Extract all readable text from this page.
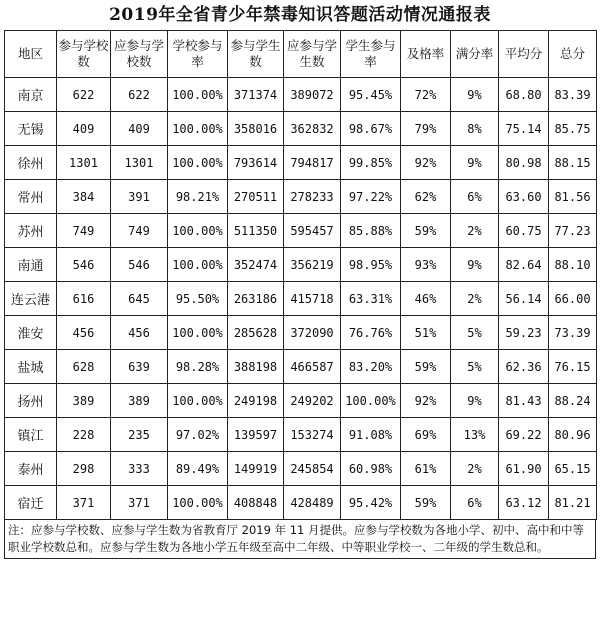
2019年全省青少年禁毒知识答题活动情况通报表
地区	参与学校数	应参与学校数	学校参与率	参与学生数	应参与学生数	学生参与率	及格率	满分率	平均分	总分
南京	622	622	100.00%	371374	389072	95.45%	72%	9%	68.80	83.39
无锡	409	409	100.00%	358016	362832	98.67%	79%	8%	75.14	85.75
徐州	1301	1301	100.00%	793614	794817	99.85%	92%	9%	80.98	88.15
常州	384	391	98.21%	270511	278233	97.22%	62%	6%	63.60	81.56
苏州	749	749	100.00%	511350	595457	85.88%	59%	2%	60.75	77.23
南通	546	546	100.00%	352474	356219	98.95%	93%	9%	82.64	88.10
连云港	616	645	95.50%	263186	415718	63.31%	46%	2%	56.14	66.00
淮安	456	456	100.00%	285628	372090	76.76%	51%	5%	59.23	73.39
盐城	628	639	98.28%	388198	466587	83.20%	59%	5%	62.36	76.15
扬州	389	389	100.00%	249198	249202	100.00%	92%	9%	81.43	88.24
镇江	228	235	97.02%	139597	153274	91.08%	69%	13%	69.22	80.96
泰州	298	333	89.49%	149919	245854	60.98%	61%	2%	61.90	65.15
宿迁	371	371	100.00%	408848	428489	95.42%	59%	6%	63.12	81.21
注：应参与学校数、应参与学生数为省教育厅 2019 年 11 月提供。应参与学校数为各地小学、初中、高中和中等职业学校数总和。应参与学生数为各地小学五年级至高中二年级、中等职业学校一、二年级的学生数总和。
